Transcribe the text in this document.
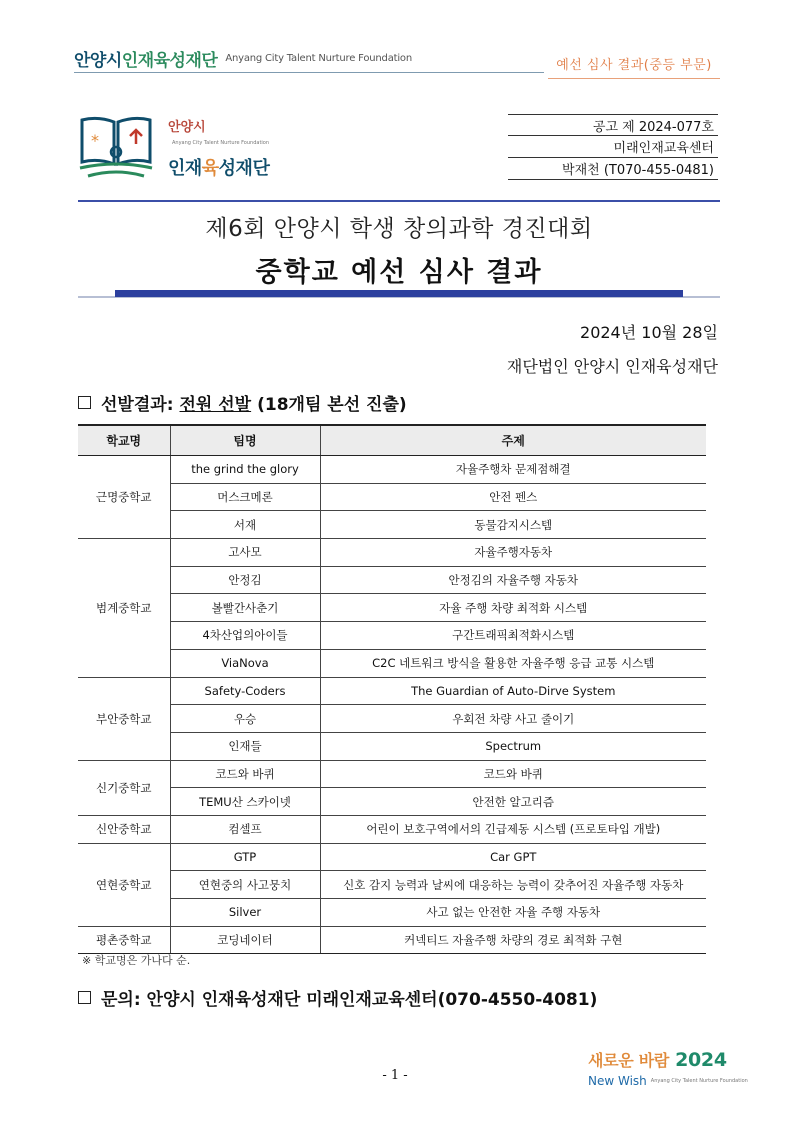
안양시인재육성재단 Anyang City Talent Nurture Foundation	예선 심사 결과(중등 부문)
*
안양시Anyang City Talent Nurture Foundation
인재육성재단
공고 제 2024-077호
미래인재교육센터
박재천 (T070-455-0481)
제6회 안양시 학생 창의과학 경진대회
중학교 예선 심사 결과
2024년 10월 28일
재단법인 안양시 인재육성재단
선발결과: 전원 선발 (18개팀 본선 진출)
학교명	팀명	주제
근명중학교	the grind the glory	자율주행차 문제점해결
	머스크메론	안전 펜스
	서재	동물감지시스템
범계중학교	고사모	자율주행자동차
	안정김	안정김의 자율주행 자동차
	볼빨간사춘기	자율 주행 차량 최적화 시스템
	4차산업의아이들	구간트래픽최적화시스템
	ViaNova	C2C 네트워크 방식을 활용한 자율주행 응급 교통 시스템
부안중학교	Safety-Coders	The Guardian of Auto-Dirve System
	우승	우회전 차량 사고 줄이기
	인재들	Spectrum
신기중학교	코드와 바퀴	코드와 바퀴
	TEMU산 스카이넷	안전한 알고리즘
신안중학교	컴셀프	어린이 보호구역에서의 긴급제동 시스템 (프로토타입 개발)
연현중학교	GTP	Car GPT
	연현중의 사고뭉치	신호 감지 능력과 날씨에 대응하는 능력이 갖추어진 자율주행 자동차
	Silver	사고 없는 안전한 자율 주행 자동차
평촌중학교	코딩네이터	커넥티드 자율주행 차량의 경로 최적화 구현
※ 학교명은 가나다 순.
문의: 안양시 인재육성재단 미래인재교육센터(070-4550-4081)
- 1 -
새로운 바람 2024
New Wish Anyang City Talent Nurture Foundation
